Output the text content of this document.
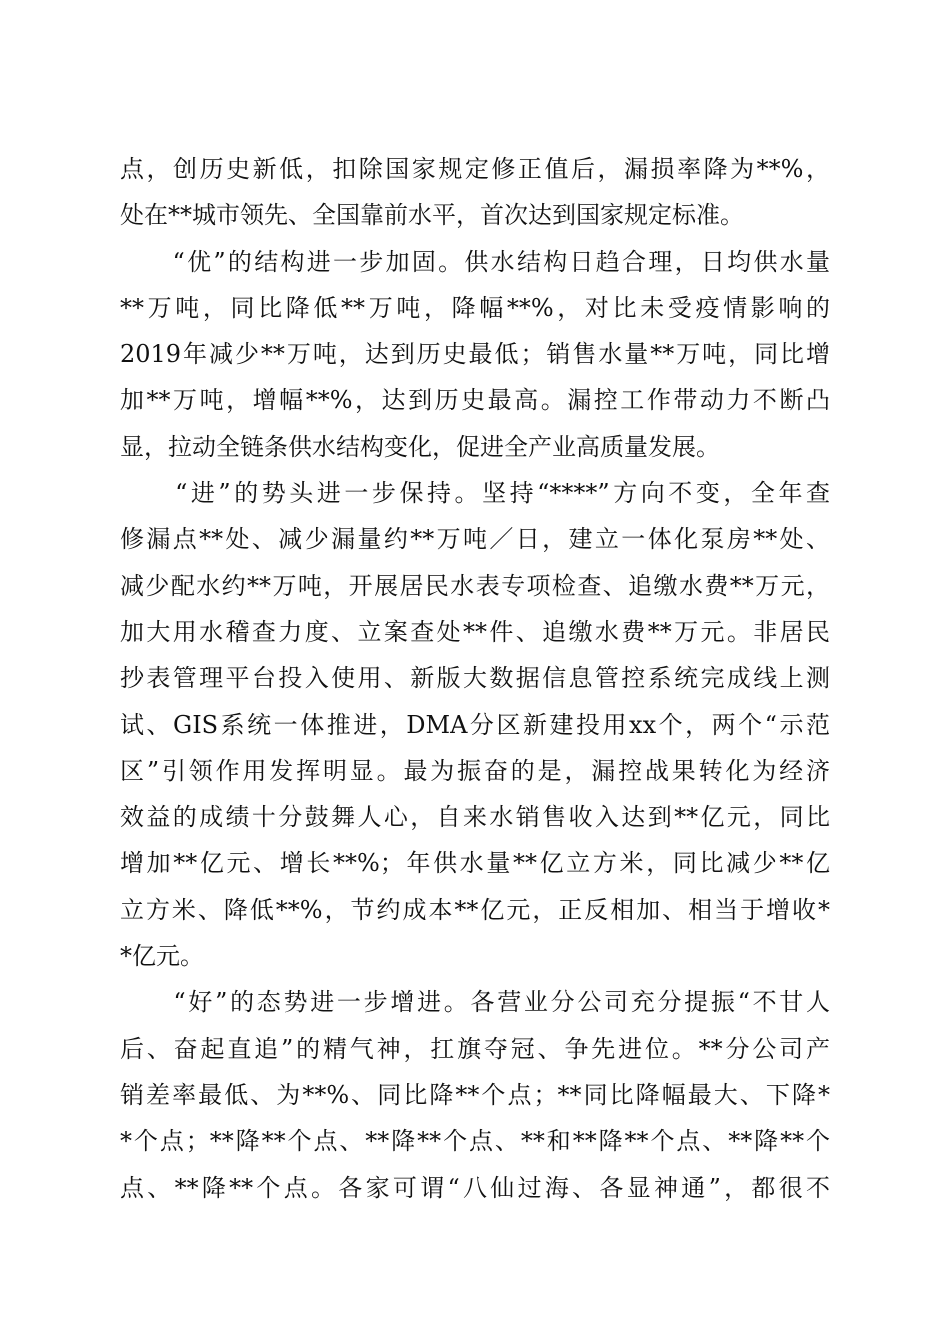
点，创历史新低，扣除国家规定修正值后，漏损率降为**%，
处在**城市领先、全国靠前水平，首次达到国家规定标准。
　　“优”的结构进一步加固。供水结构日趋合理，日均供水量
**万吨，同比降低**万吨，降幅**%，对比未受疫情影响的
2019年减少**万吨，达到历史最低；销售水量**万吨，同比增
加**万吨，增幅**%，达到历史最高。漏控工作带动力不断凸
显，拉动全链条供水结构变化，促进全产业高质量发展。
　　“进”的势头进一步保持。坚持“****”方向不变，全年查
修漏点**处、减少漏量约**万吨／日，建立一体化泵房**处、
减少配水约**万吨，开展居民水表专项检查、追缴水费**万元，
加大用水稽查力度、立案查处**件、追缴水费**万元。非居民
抄表管理平台投入使用、新版大数据信息管控系统完成线上测
试、GIS系统一体推进，DMA分区新建投用xx个，两个“示范
区”引领作用发挥明显。最为振奋的是，漏控战果转化为经济
效益的成绩十分鼓舞人心，自来水销售收入达到**亿元，同比
增加**亿元、增长**%；年供水量**亿立方米，同比减少**亿
立方米、降低**%，节约成本**亿元，正反相加、相当于增收*
*亿元。
　　“好”的态势进一步增进。各营业分公司充分提振“不甘人
后、奋起直追”的精气神，扛旗夺冠、争先进位。**分公司产
销差率最低、为**%、同比降**个点；**同比降幅最大、下降*
*个点；**降**个点、**降**个点、**和**降**个点、**降**个
点、**降**个点。各家可谓“八仙过海、各显神通”，都很不
